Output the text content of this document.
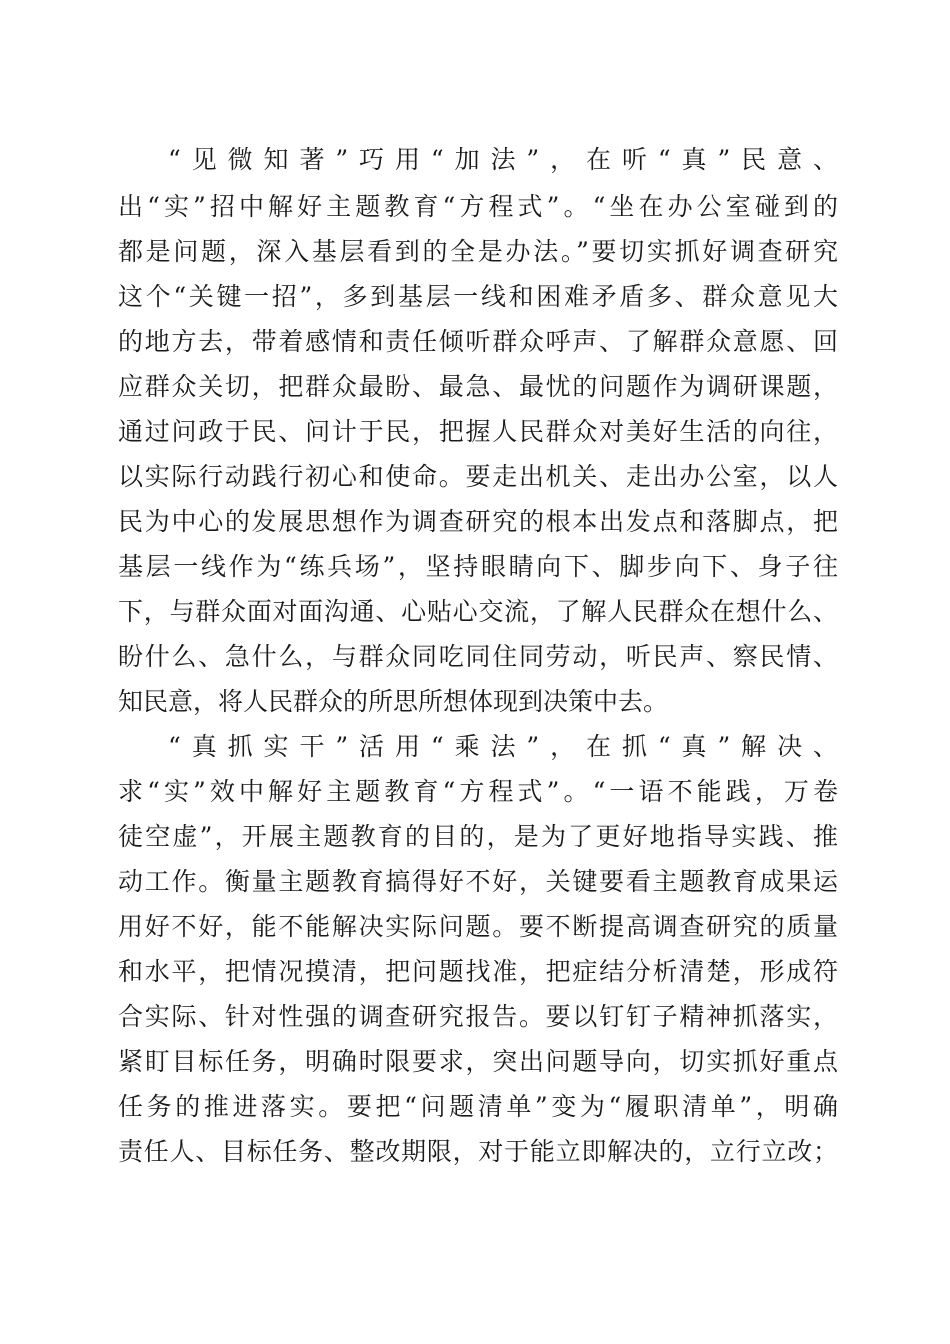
“见微知著”巧用“加法”，在听“真”民意、
出“实”招中解好主题教育“方程式”。“坐在办公室碰到的
都是问题，深入基层看到的全是办法。”要切实抓好调查研究
这个“关键一招”，多到基层一线和困难矛盾多、群众意见大
的地方去，带着感情和责任倾听群众呼声、了解群众意愿、回
应群众关切，把群众最盼、最急、最忧的问题作为调研课题，
通过问政于民、问计于民，把握人民群众对美好生活的向往，
以实际行动践行初心和使命。要走出机关、走出办公室，以人
民为中心的发展思想作为调查研究的根本出发点和落脚点，把
基层一线作为“练兵场”，坚持眼睛向下、脚步向下、身子往
下，与群众面对面沟通、心贴心交流，了解人民群众在想什么、
盼什么、急什么，与群众同吃同住同劳动，听民声、察民情、
知民意，将人民群众的所思所想体现到决策中去。
“真抓实干”活用“乘法”，在抓“真”解决、
求“实”效中解好主题教育“方程式”。“一语不能践，万卷
徒空虚”，开展主题教育的目的，是为了更好地指导实践、推
动工作。衡量主题教育搞得好不好，关键要看主题教育成果运
用好不好，能不能解决实际问题。要不断提高调查研究的质量
和水平，把情况摸清，把问题找准，把症结分析清楚，形成符
合实际、针对性强的调查研究报告。要以钉钉子精神抓落实，
紧盯目标任务，明确时限要求，突出问题导向，切实抓好重点
任务的推进落实。要把“问题清单”变为“履职清单”，明确
责任人、目标任务、整改期限，对于能立即解决的，立行立改；
